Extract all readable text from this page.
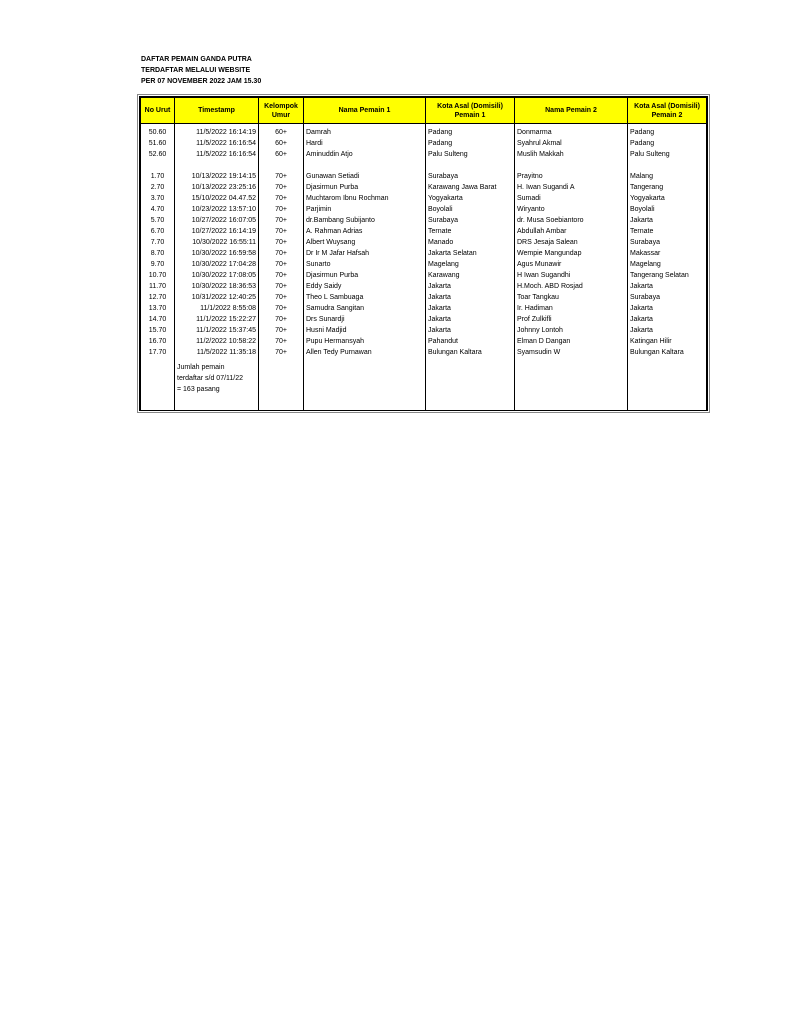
DAFTAR PEMAIN GANDA PUTRA
TERDAFTAR MELALUI WEBSITE
PER 07 NOVEMBER 2022 JAM 15.30
No Urut	Timestamp	Kelompok Umur	Nama Pemain 1	Kota Asal (Domisili) Pemain 1	Nama Pemain 2	Kota Asal (Domisili) Pemain 2
50.60	11/5/2022 16:14:19	60+	Damrah	Padang	Donmarma	Padang
51.60	11/5/2022 16:16:54	60+	Hardi	Padang	Syahrul Akmal	Padang
52.60	11/5/2022 16:16:54	60+	Aminuddin Atjo	Palu Sulteng	Muslih Makkah	Palu Sulteng

1.70	10/13/2022 19:14:15	70+	Gunawan Setiadi	Surabaya	Prayitno	Malang
2.70	10/13/2022 23:25:16	70+	Djasirmun Purba	Karawang Jawa Barat	H. Iwan Sugandi A	Tangerang
3.70	15/10/2022 04.47.52	70+	Muchtarom Ibnu Rochman	Yogyakarta	Sumadi	Yogyakarta
4.70	10/23/2022 13:57:10	70+	Parjimin	Boyolali	Wiryanto	Boyolali
5.70	10/27/2022 16:07:05	70+	dr.Bambang Subijanto	Surabaya	dr. Musa Soebiantoro	Jakarta
6.70	10/27/2022 16:14:19	70+	A. Rahman Adrias	Ternate	Abdullah Ambar	Ternate
7.70	10/30/2022 16:55:11	70+	Albert Wuysang	Manado	DRS Jesaja Salean	Surabaya
8.70	10/30/2022 16:59:58	70+	Dr Ir M Jafar Hafsah	Jakarta Selatan	Wempie Mangundap	Makassar
9.70	10/30/2022 17:04:28	70+	Sunarto	Magelang	Agus Munawir	Magelang
10.70	10/30/2022 17:08:05	70+	Djasirmun Purba	Karawang	H Iwan Sugandhi	Tangerang Selatan
11.70	10/30/2022 18:36:53	70+	Eddy Saidy	Jakarta	H.Moch. ABD Rosjad	Jakarta
12.70	10/31/2022 12:40:25	70+	Theo L Sambuaga	Jakarta	Toar Tangkau	Surabaya
13.70	11/1/2022 8:55:08	70+	Samudra Sangitan	Jakarta	Ir. Hadiman	Jakarta
14.70	11/1/2022 15:22:27	70+	Drs Sunardji	Jakarta	Prof Zulkifli	Jakarta
15.70	11/1/2022 15:37:45	70+	Husni Madjid	Jakarta	Johnny Lontoh	Jakarta
16.70	11/2/2022 10:58:22	70+	Pupu Hermansyah	Pahandut	Elman D Dangan	Katingan Hilir
17.70	11/5/2022 11:35:18	70+	Allen Tedy Purnawan	Bulungan Kaltara	Syamsudin W	Bulungan Kaltara

	Jumlah pemain
terdaftar s/d 07/11/22
= 163 pasang					
